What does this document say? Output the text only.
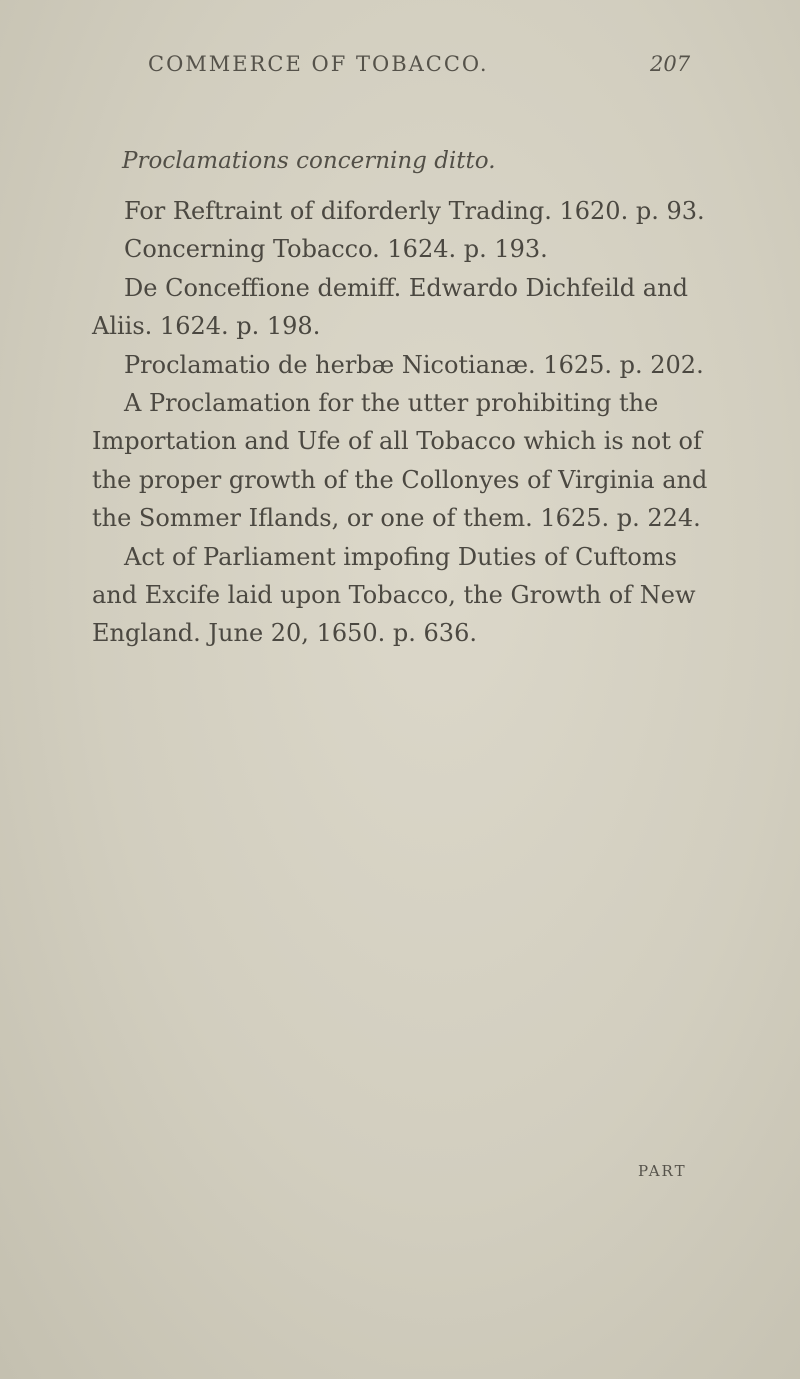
COMMERCE OF TOBACCO.	207
Proclamations concerning ditto.

For Reftraint of diforderly Trading. 1620. p. 93.

Concerning Tobacco. 1624. p. 193.

De Conceffione demiff. Edwardo Dichfeild and Aliis. 1624. p. 198.

Proclamatio de herbæ Nicotianæ. 1625. p. 202.

A Proclamation for the utter prohibiting the Importation and Ufe of all Tobacco which is not of the proper growth of the Collonyes of Virginia and the Sommer Iflands, or one of them. 1625. p. 224.

Act of Parliament impofing Duties of Cuftoms and Excife laid upon Tobacco, the Growth of New England. June 20, 1650. p. 636.

PART
